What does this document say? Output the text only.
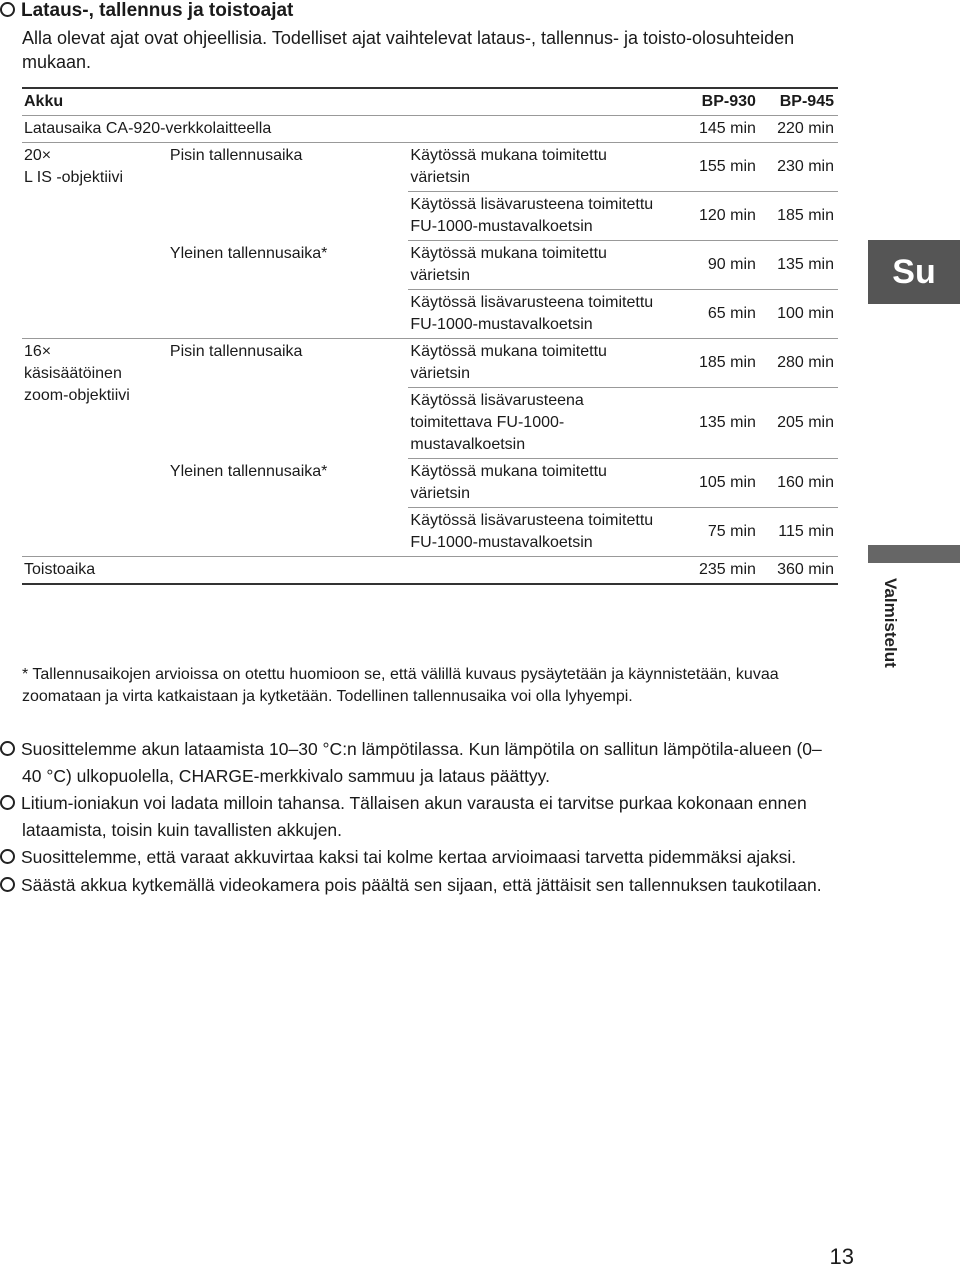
Lataus-, tallennus ja toistoajat
Alla olevat ajat ovat ohjeellisia. Todelliset ajat vaihtelevat lataus-, tallennus- ja toisto-olosuhteiden mukaan.
Akku			BP-930	BP-945
Latausaika CA-920-verkkolaitteella			145 min	220 min
20×
L IS -objektiivi	Pisin tallennusaika	Käytössä mukana toimitettu värietsin	155 min	230 min
		Käytössä lisävarusteena toimitettu FU-1000-mustavalkoetsin	120 min	185 min
	Yleinen tallennusaika*	Käytössä mukana toimitettu värietsin	90 min	135 min
		Käytössä lisävarusteena toimitettu FU-1000-mustavalkoetsin	65 min	100 min
16×
käsisäätöinen
zoom-objektiivi	Pisin tallennusaika	Käytössä mukana toimitettu värietsin	185 min	280 min
		Käytössä lisävarusteena toimitettava FU-1000-mustavalkoetsin	135 min	205 min
	Yleinen tallennusaika*	Käytössä mukana toimitettu värietsin	105 min	160 min
		Käytössä lisävarusteena toimitettu FU-1000-mustavalkoetsin	75 min	115 min
Toistoaika			235 min	360 min
* Tallennusaikojen arvioissa on otettu huomioon se, että välillä kuvaus pysäytetään ja käynnistetään, kuvaa zoomataan ja virta katkaistaan ja kytketään. Todellinen tallennusaika voi olla lyhyempi.
Suosittelemme akun lataamista 10–30 °C:n lämpötilassa. Kun lämpötila on sallitun lämpötila-alueen (0–40 °C) ulkopuolella, CHARGE-merkkivalo sammuu ja lataus päättyy.
Litium-ioniakun voi ladata milloin tahansa. Tällaisen akun varausta ei tarvitse purkaa kokonaan ennen lataamista, toisin kuin tavallisten akkujen.
Suosittelemme, että varaat akkuvirtaa kaksi tai kolme kertaa arvioimaasi tarvetta pidemmäksi ajaksi.
Säästä akkua kytkemällä videokamera pois päältä sen sijaan, että jättäisit sen tallennuksen taukotilaan.
Su
Valmistelut
13
